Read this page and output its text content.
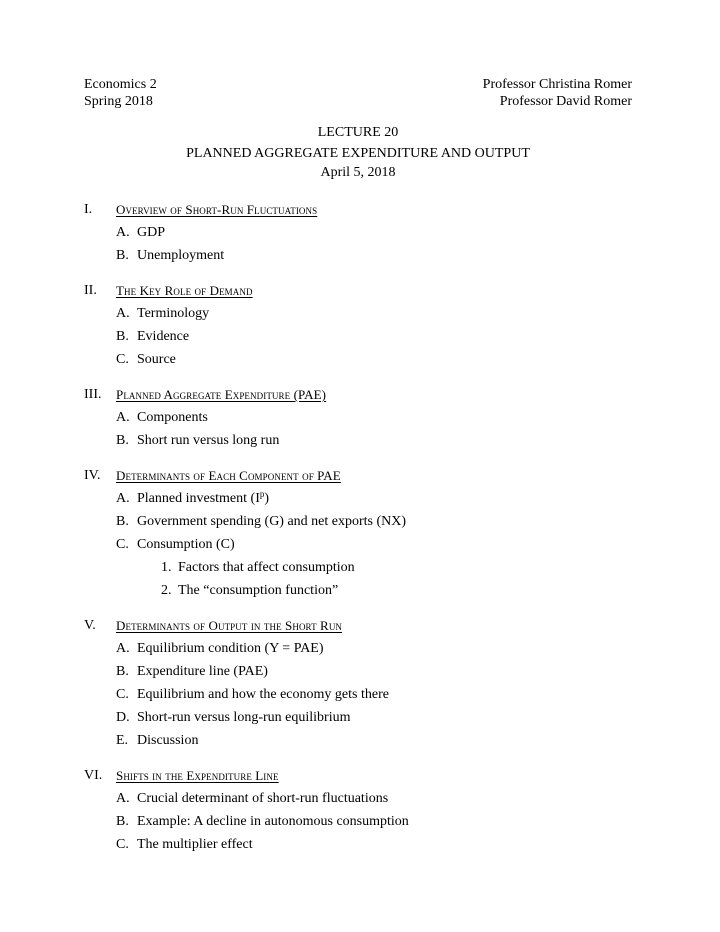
Economics 2	Professor Christina Romer
Spring 2018	Professor David Romer
LECTURE 20
PLANNED AGGREGATE EXPENDITURE AND OUTPUT
April 5, 2018
I. Overview of Short-Run Fluctuations
A. GDP
B. Unemployment
II. The Key Role of Demand
A. Terminology
B. Evidence
C. Source
III. Planned Aggregate Expenditure (PAE)
A. Components
B. Short run versus long run
IV. Determinants of Each Component of PAE
A. Planned investment $(I^p)$
B. Government spending (G) and net exports (NX)
C. Consumption (C)
1. Factors that affect consumption
2. The “consumption function”
V. Determinants of Output in the Short Run
A. Equilibrium condition (Y = PAE)
B. Expenditure line (PAE)
C. Equilibrium and how the economy gets there
D. Short-run versus long-run equilibrium
E. Discussion
VI. Shifts in the Expenditure Line
A. Crucial determinant of short-run fluctuations
B. Example: A decline in autonomous consumption
C. The multiplier effect
